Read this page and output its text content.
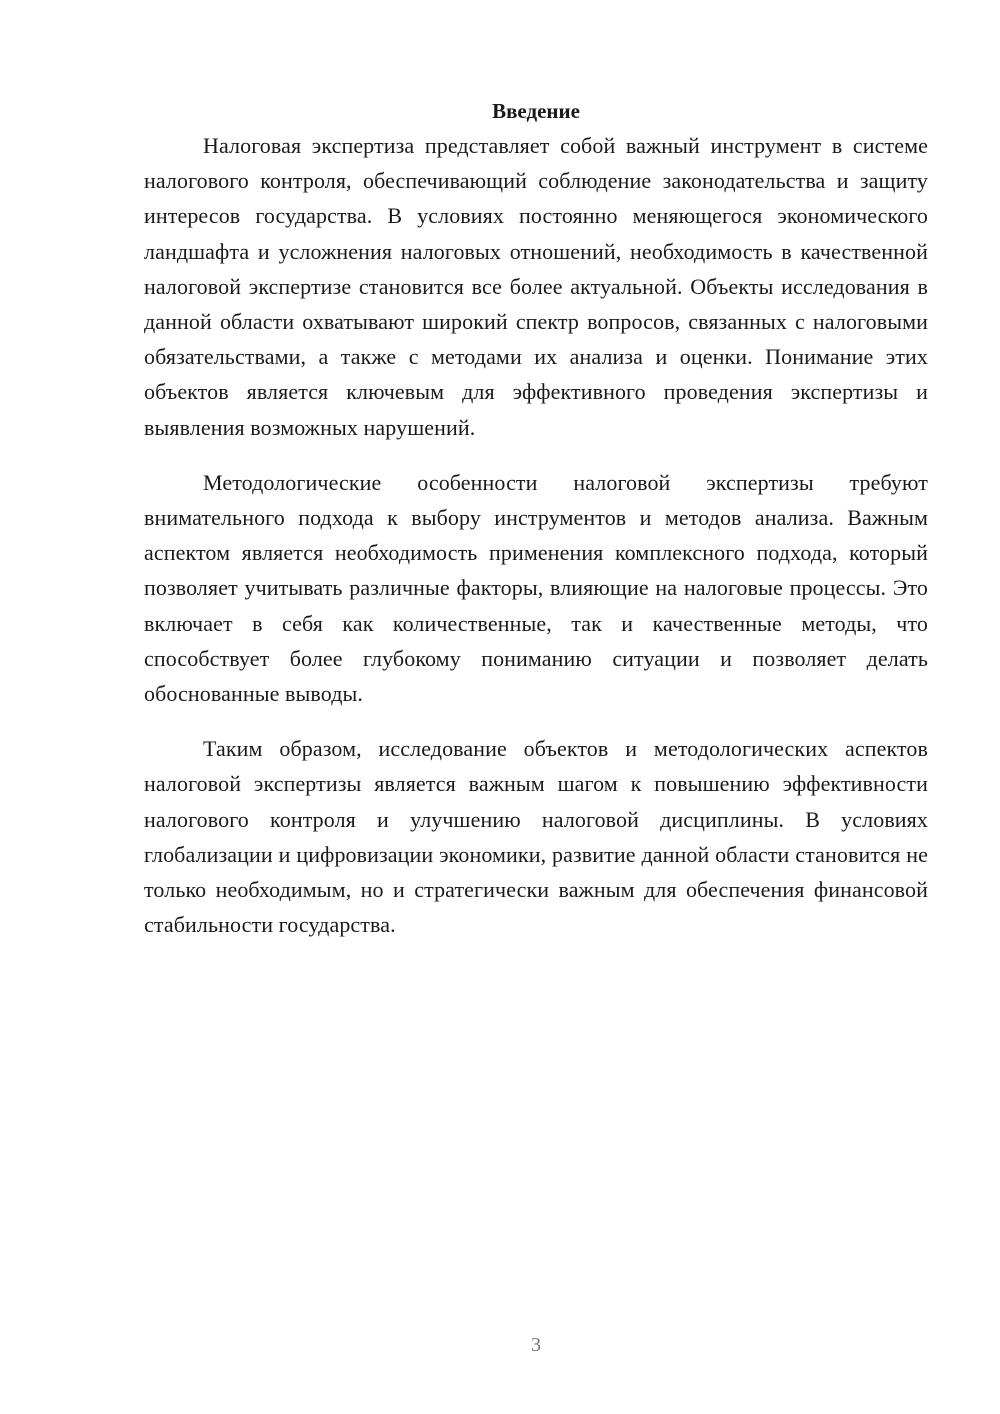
Введение

Налоговая экспертиза представляет собой важный инструмент в системе налогового контроля, обеспечивающий соблюдение законодательства и защиту интересов государства. В условиях постоянно меняющегося экономического ландшафта и усложнения налоговых отношений, необходимость в качественной налоговой экспертизе становится все более актуальной. Объекты исследования в данной области охватывают широкий спектр вопросов, связанных с налоговыми обязательствами, а также с методами их анализа и оценки. Понимание этих объектов является ключевым для эффективного проведения экспертизы и выявления возможных нарушений.

Методологические особенности налоговой экспертизы требуют внимательного подхода к выбору инструментов и методов анализа. Важным аспектом является необходимость применения комплексного подхода, который позволяет учитывать различные факторы, влияющие на налоговые процессы. Это включает в себя как количественные, так и качественные методы, что способствует более глубокому пониманию ситуации и позволяет делать обоснованные выводы.

Таким образом, исследование объектов и методологических аспектов налоговой экспертизы является важным шагом к повышению эффективности налогового контроля и улучшению налоговой дисциплины. В условиях глобализации и цифровизации экономики, развитие данной области становится не только необходимым, но и стратегически важным для обеспечения финансовой стабильности государства.

3
